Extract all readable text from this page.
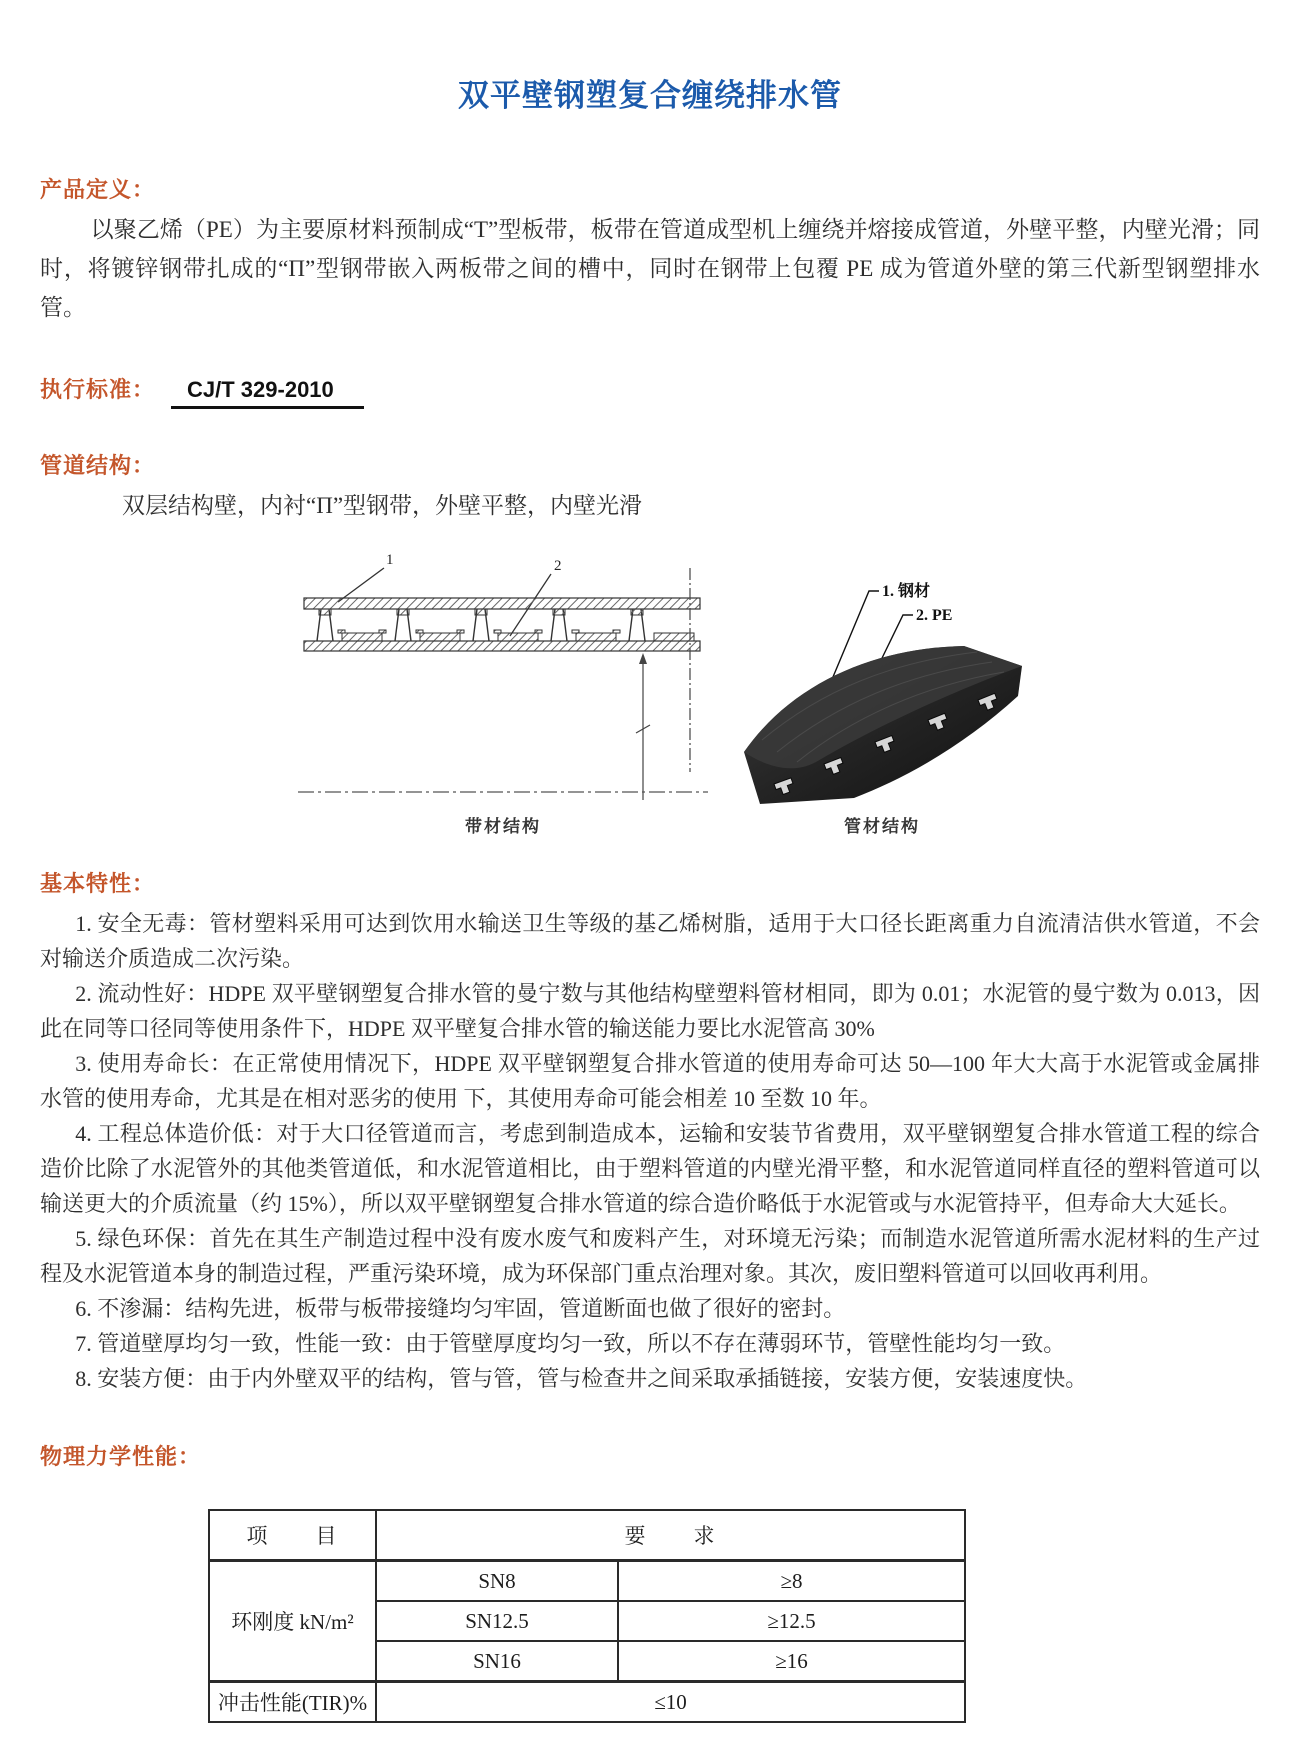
双平壁钢塑复合缠绕排水管
产品定义：

以聚乙烯（PE）为主要原材料预制成“T”型板带，板带在管道成型机上缠绕并熔接成管道，外壁平整，内壁光滑；同时，将镀锌钢带扎成的“Π”型钢带嵌入两板带之间的槽中，同时在钢带上包覆 PE 成为管道外壁的第三代新型钢塑排水管。

执行标准： CJ/T 329-2010
管道结构：

双层结构壁，内衬“Π”型钢带，外壁平整，内壁光滑

1	2
带材结构
1. 钢材
2. PE
管材结构
基本特性：

1. 安全无毒：管材塑料采用可达到饮用水输送卫生等级的基乙烯树脂，适用于大口径长距离重力自流清洁供水管道，不会对输送介质造成二次污染。

2. 流动性好：HDPE 双平壁钢塑复合排水管的曼宁数与其他结构壁塑料管材相同，即为 0.01；水泥管的曼宁数为 0.013，因此在同等口径同等使用条件下，HDPE 双平壁复合排水管的输送能力要比水泥管高 30%

3. 使用寿命长：在正常使用情况下，HDPE 双平壁钢塑复合排水管道的使用寿命可达 50—100 年大大高于水泥管或金属排水管的使用寿命，尤其是在相对恶劣的使用 下，其使用寿命可能会相差 10 至数 10 年。

4. 工程总体造价低：对于大口径管道而言，考虑到制造成本，运输和安装节省费用，双平壁钢塑复合排水管道工程的综合造价比除了水泥管外的其他类管道低，和水泥管道相比，由于塑料管道的内壁光滑平整，和水泥管道同样直径的塑料管道可以输送更大的介质流量（约 15%），所以双平壁钢塑复合排水管道的综合造价略低于水泥管或与水泥管持平，但寿命大大延长。

5. 绿色环保：首先在其生产制造过程中没有废水废气和废料产生，对环境无污染；而制造水泥管道所需水泥材料的生产过程及水泥管道本身的制造过程，严重污染环境，成为环保部门重点治理对象。其次，废旧塑料管道可以回收再利用。

6. 不渗漏：结构先进，板带与板带接缝均匀牢固，管道断面也做了很好的密封。

7. 管道壁厚均匀一致，性能一致：由于管壁厚度均匀一致，所以不存在薄弱环节，管壁性能均匀一致。

8. 安装方便：由于内外壁双平的结构，管与管，管与检查井之间采取承插链接，安装方便，安装速度快。

物理力学性能：
项　　目	要　　求	
环刚度 kN/m²	SN8	≥8
	SN12.5	≥12.5
	SN16	≥16
冲击性能(TIR)%	≤10	
